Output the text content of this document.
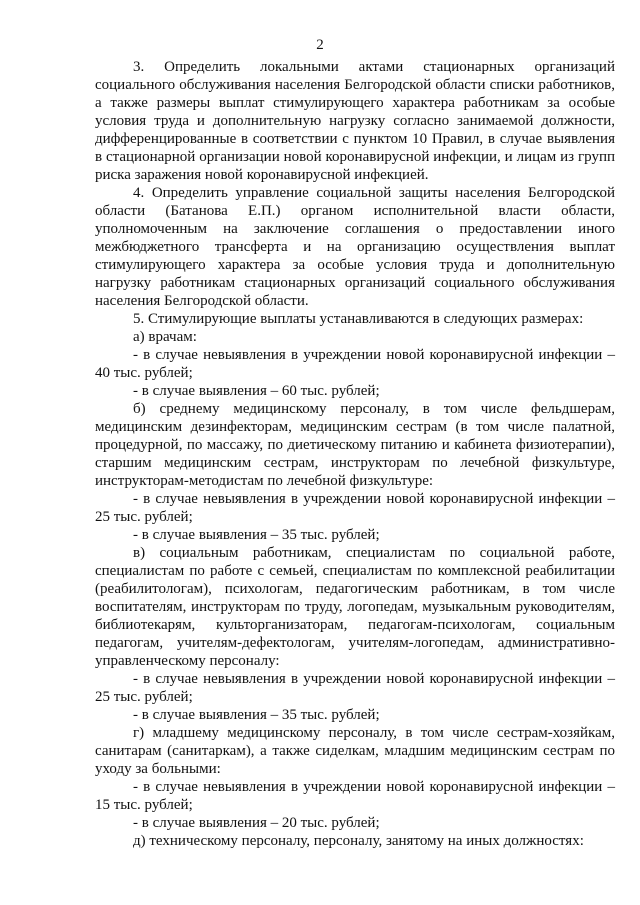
2

3. Определить локальными актами стационарных организаций социального обслуживания населения Белгородской области списки работников, а также размеры выплат стимулирующего характера работникам за особые условия труда и дополнительную нагрузку согласно занимаемой должности, дифференцированные в соответствии с пунктом 10 Правил, в случае выявления в стационарной организации новой коронавирусной инфекции, и лицам из групп риска заражения новой коронавирусной инфекцией.

4. Определить управление социальной защиты населения Белгородской области (Батанова Е.П.) органом исполнительной власти области, уполномоченным на заключение соглашения о предоставлении иного межбюджетного трансферта и на организацию осуществления выплат стимулирующего характера за особые условия труда и дополнительную нагрузку работникам стационарных организаций социального обслуживания населения Белгородской области.

5. Стимулирующие выплаты устанавливаются в следующих размерах:

а) врачам:

- в случае невыявления в учреждении новой коронавирусной инфекции – 40 тыс. рублей;

- в случае выявления – 60 тыс. рублей;

б) среднему медицинскому персоналу, в том числе фельдшерам, медицинским дезинфекторам, медицинским сестрам (в том числе палатной, процедурной, по массажу, по диетическому питанию и кабинета физиотерапии), старшим медицинским сестрам, инструкторам по лечебной физкультуре, инструкторам-методистам по лечебной физкультуре:

- в случае невыявления в учреждении новой коронавирусной инфекции – 25 тыс. рублей;

- в случае выявления – 35 тыс. рублей;

в) социальным работникам, специалистам по социальной работе, специалистам по работе с семьей, специалистам по комплексной реабилитации (реабилитологам), психологам, педагогическим работникам, в том числе воспитателям, инструкторам по труду, логопедам, музыкальным руководителям, библиотекарям, культорганизаторам, педагогам-психологам, социальным педагогам, учителям-дефектологам, учителям-логопедам, административно-управленческому персоналу:

- в случае невыявления в учреждении новой коронавирусной инфекции – 25 тыс. рублей;

- в случае выявления – 35 тыс. рублей;

г) младшему медицинскому персоналу, в том числе сестрам-хозяйкам, санитарам (санитаркам), а также сиделкам, младшим медицинским сестрам по уходу за больными:

- в случае невыявления в учреждении новой коронавирусной инфекции – 15 тыс. рублей;

- в случае выявления – 20 тыс. рублей;

д) техническому персоналу, персоналу, занятому на иных должностях:
